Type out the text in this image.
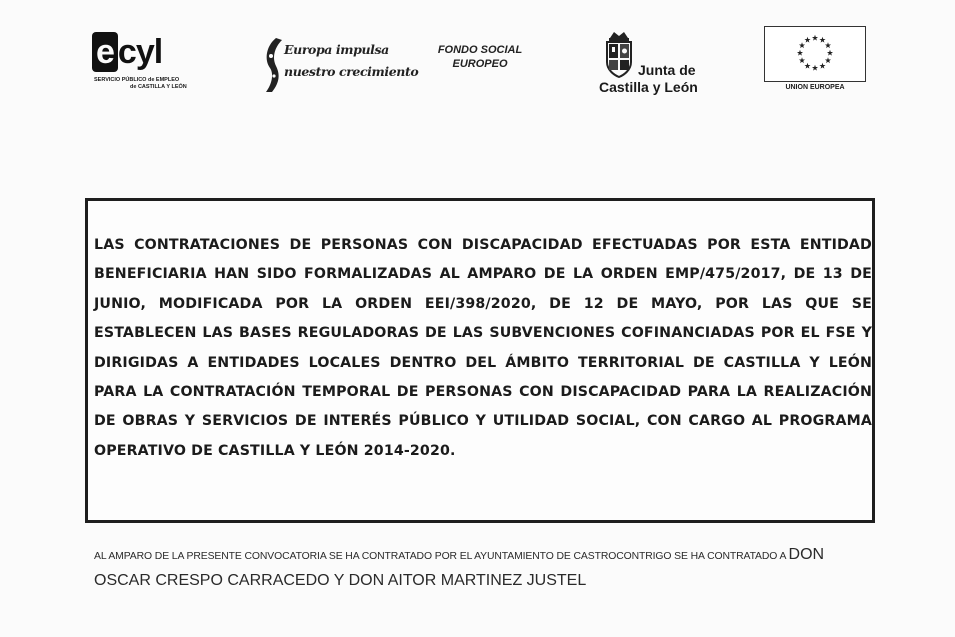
e cyl
SERVICIO PÚBLICO de EMPLEO
de CASTILLA Y LEÓN
Europa impulsa
nuestro crecimiento
FONDO SOCIAL
EUROPEO	Junta de
Castilla y León	UNION EUROPEA
LAS CONTRATACIONES DE PERSONAS CON DISCAPACIDAD EFECTUADAS POR ESTA ENTIDAD BENEFICIARIA HAN SIDO FORMALIZADAS AL AMPARO DE LA ORDEN EMP/475/2017, DE 13 DE JUNIO, MODIFICADA POR LA ORDEN EEI/398/2020, DE 12 DE MAYO, POR LAS QUE SE ESTABLECEN LAS BASES REGULADORAS DE LAS SUBVENCIONES COFINANCIADAS POR EL FSE Y DIRIGIDAS A ENTIDADES LOCALES DENTRO DEL ÁMBITO TERRITORIAL DE CASTILLA Y LEÓN PARA LA CONTRATACIÓN TEMPORAL DE PERSONAS CON DISCAPACIDAD PARA LA REALIZACIÓN DE OBRAS Y SERVICIOS DE INTERÉS PÚBLICO Y UTILIDAD SOCIAL, CON CARGO AL PROGRAMA OPERATIVO DE CASTILLA Y LEÓN 2014-2020.
AL AMPARO DE LA PRESENTE CONVOCATORIA SE HA CONTRATADO POR EL AYUNTAMIENTO DE CASTROCONTRIGO SE HA CONTRATADO A DON
OSCAR CRESPO CARRACEDO Y DON AITOR MARTINEZ JUSTEL
